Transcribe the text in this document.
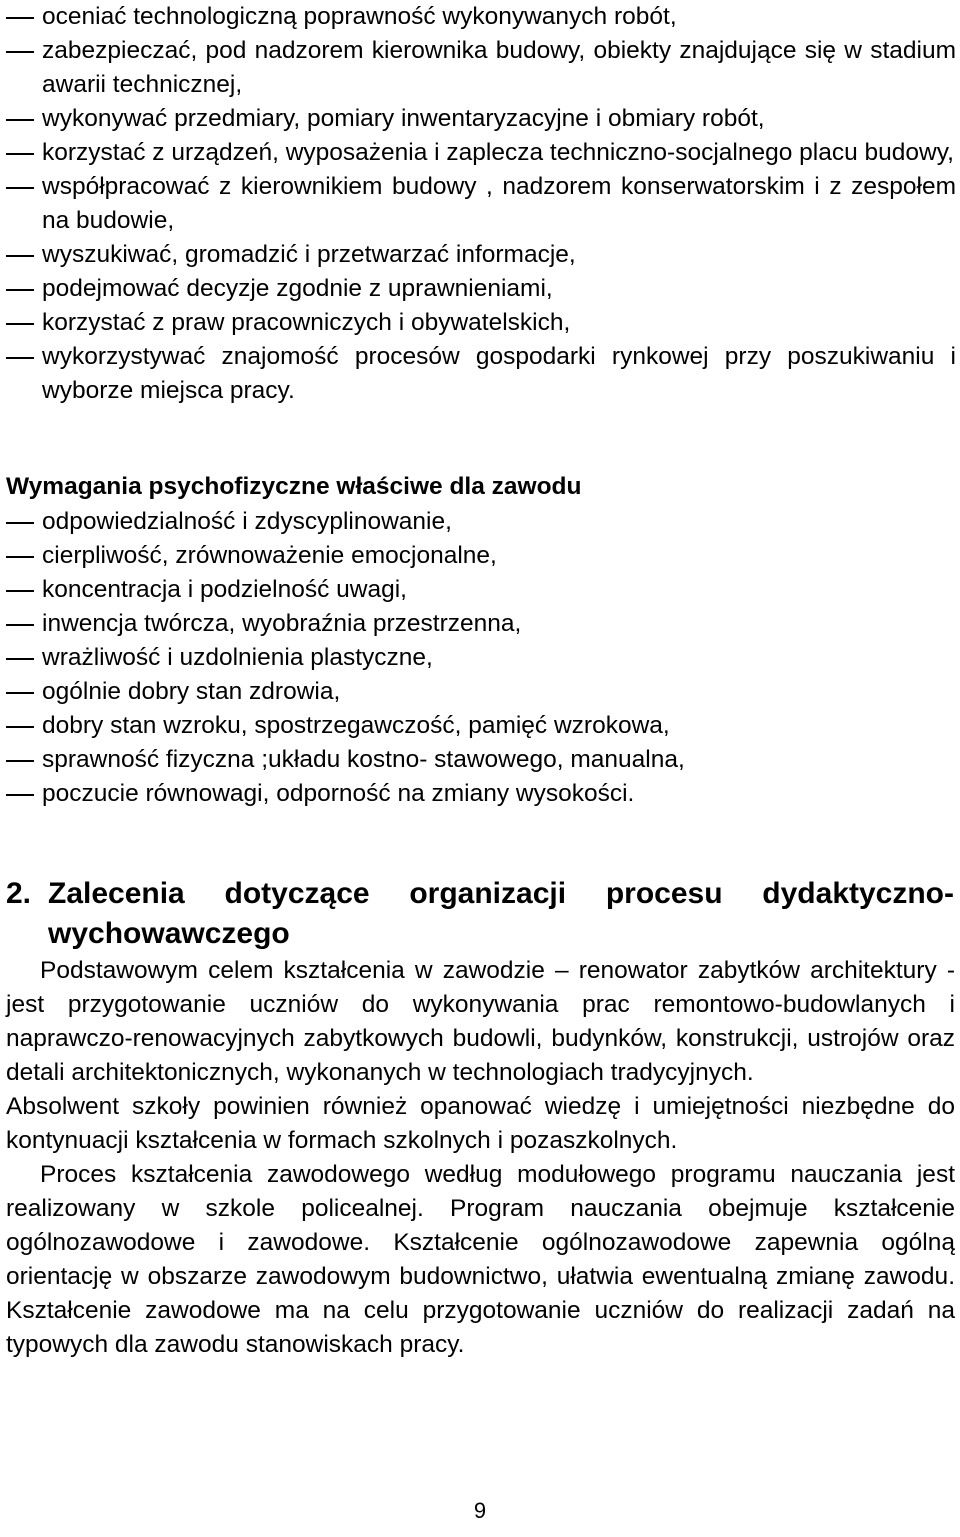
oceniać technologiczną poprawność wykonywanych robót,
zabezpieczać, pod nadzorem kierownika budowy, obiekty znajdujące się w stadium awarii technicznej,
wykonywać przedmiary, pomiary inwentaryzacyjne i obmiary robót,
korzystać z urządzeń, wyposażenia i zaplecza techniczno-socjalnego placu budowy,
współpracować z kierownikiem budowy , nadzorem konserwatorskim i z zespołem na budowie,
wyszukiwać, gromadzić i przetwarzać informacje,
podejmować decyzje zgodnie z uprawnieniami,
korzystać z praw pracowniczych i obywatelskich,
wykorzystywać znajomość procesów gospodarki rynkowej przy poszukiwaniu i wyborze miejsca pracy.
Wymagania psychofizyczne właściwe dla zawodu
odpowiedzialność i zdyscyplinowanie,
cierpliwość, zrównoważenie emocjonalne,
koncentracja i podzielność uwagi,
inwencja twórcza, wyobraźnia przestrzenna,
wrażliwość i uzdolnienia plastyczne,
ogólnie dobry stan zdrowia,
dobry stan wzroku, spostrzegawczość, pamięć wzrokowa,
sprawność fizyczna ;układu kostno- stawowego, manualna,
poczucie równowagi, odporność na zmiany wysokości.
2. Zalecenia dotyczące organizacji procesu dydaktyczno-
wychowawczego

Podstawowym celem kształcenia w zawodzie – renowator zabytków architektury - jest przygotowanie uczniów do wykonywania prac remontowo-budowlanych i naprawczo-renowacyjnych zabytkowych budowli, budynków, konstrukcji, ustrojów oraz detali architektonicznych, wykonanych w technologiach tradycyjnych.

Absolwent szkoły powinien również opanować wiedzę i umiejętności niezbędne do kontynuacji kształcenia w formach szkolnych i pozaszkolnych.

Proces kształcenia zawodowego według modułowego programu nauczania jest realizowany w szkole policealnej. Program nauczania obejmuje kształcenie ogólnozawodowe i zawodowe. Kształcenie ogólnozawodowe zapewnia ogólną orientację w obszarze zawodowym budownictwo, ułatwia ewentualną zmianę zawodu. Kształcenie zawodowe ma na celu przygotowanie uczniów do realizacji zadań na typowych dla zawodu stanowiskach pracy.

9
